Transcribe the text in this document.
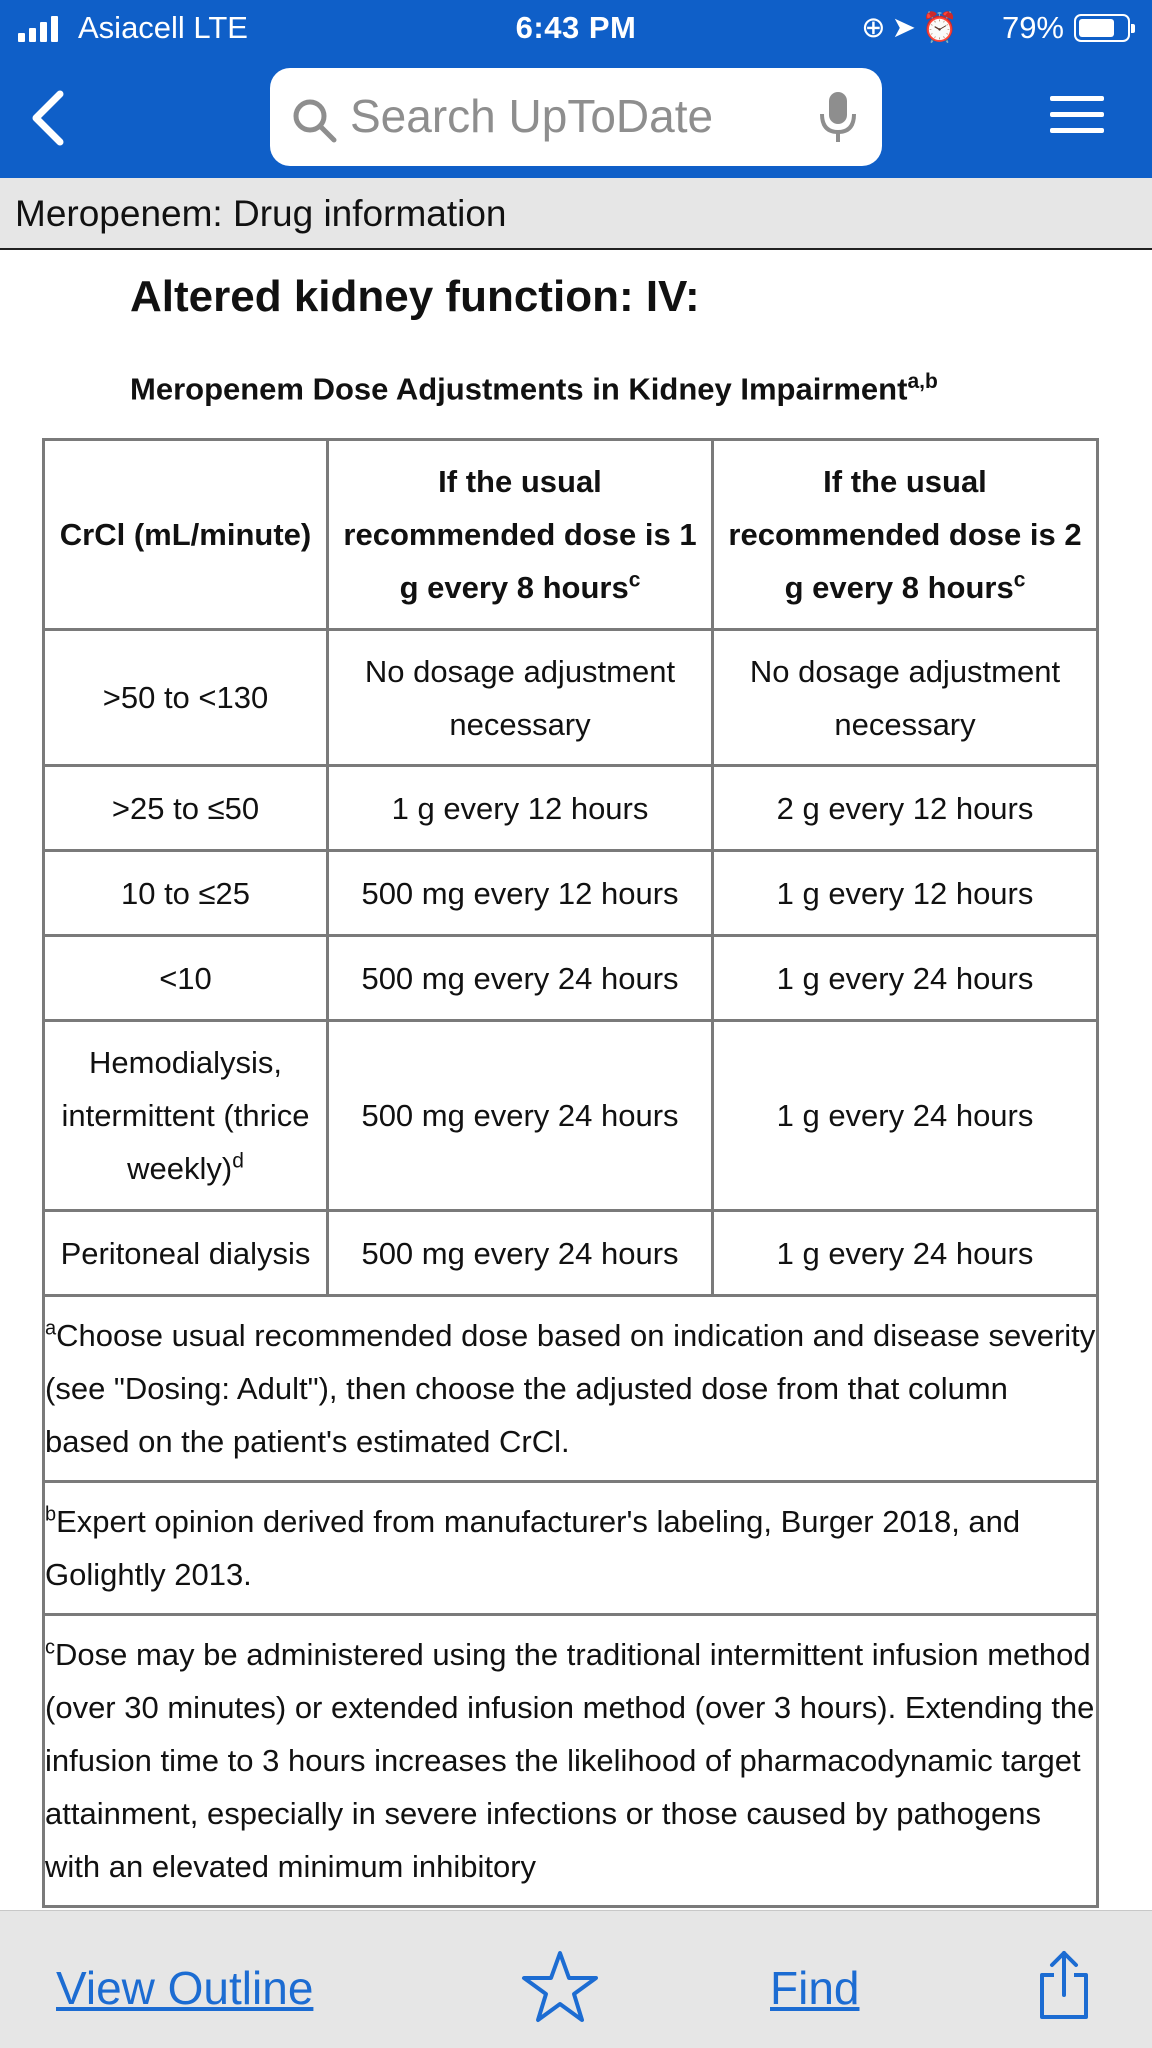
Asiacell LTE	6:43 PM	⊕➤⏰ 79%
Search UpToDate
Meropenem: Drug information
Altered kidney function: IV:
Meropenem Dose Adjustments in Kidney Impairment$^{a,b}$
CrCl (mL/minute)	If the usual recommended dose is 1 g every 8 hours$^c$	If the usual recommended dose is 2 g every 8 hours$^c$
>50 to <130	No dosage adjustment necessary	No dosage adjustment necessary
>25 to ≤50	1 g every 12 hours	2 g every 12 hours
10 to ≤25	500 mg every 12 hours	1 g every 12 hours
<10	500 mg every 24 hours	1 g every 24 hours
Hemodialysis, intermittent (thrice weekly)$^d$	500 mg every 24 hours	1 g every 24 hours
Peritoneal dialysis	500 mg every 24 hours	1 g every 24 hours
$^a$Choose usual recommended dose based on indication and disease severity (see "Dosing: Adult"), then choose the adjusted dose from that column based on the patient's estimated CrCl.		
$^b$Expert opinion derived from manufacturer's labeling, Burger 2018, and Golightly 2013.		
$^c$Dose may be administered using the traditional intermittent infusion method (over 30 minutes) or extended infusion method (over 3 hours). Extending the infusion time to 3 hours increases the likelihood of pharmacodynamic target attainment, especially in severe infections or those caused by pathogens with an elevated minimum inhibitory		
View Outline	Find
